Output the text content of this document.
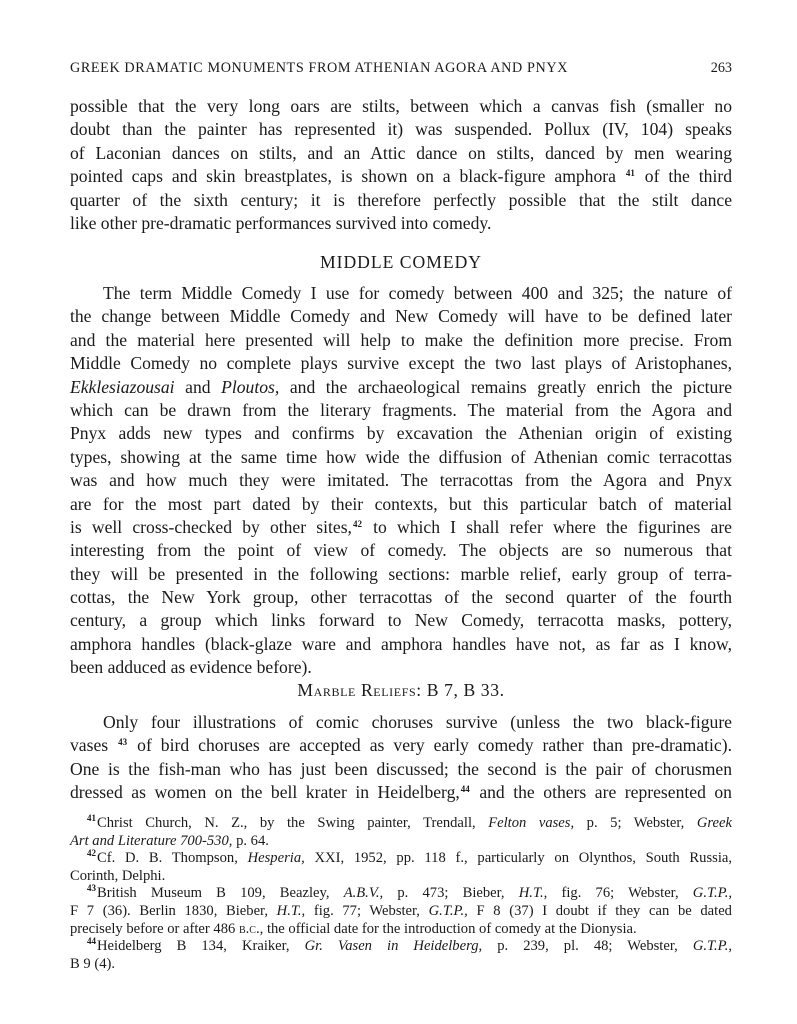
GREEK DRAMATIC MONUMENTS FROM ATHENIAN AGORA AND PNYX	263
possible that the very long oars are stilts, between which a canvas fish (smaller no
doubt than the painter has represented it) was suspended. Pollux (IV, 104) speaks
of Laconian dances on stilts, and an Attic dance on stilts, danced by men wearing
pointed caps and skin breastplates, is shown on a black-figure amphora $^{41}$ of the third
quarter of the sixth century; it is therefore perfectly possible that the stilt dance
like other pre-dramatic performances survived into comedy.
MIDDLE COMEDY
The term Middle Comedy I use for comedy between 400 and 325; the nature of
the change between Middle Comedy and New Comedy will have to be defined later
and the material here presented will help to make the definition more precise. From
Middle Comedy no complete plays survive except the two last plays of Aristophanes,
Ekklesiazousai and Ploutos, and the archaeological remains greatly enrich the picture
which can be drawn from the literary fragments. The material from the Agora and
Pnyx adds new types and confirms by excavation the Athenian origin of existing
types, showing at the same time how wide the diffusion of Athenian comic terracottas
was and how much they were imitated. The terracottas from the Agora and Pnyx
are for the most part dated by their contexts, but this particular batch of material
is well cross-checked by other sites,$^{42}$ to which I shall refer where the figurines are
interesting from the point of view of comedy. The objects are so numerous that
they will be presented in the following sections: marble relief, early group of terra-
cottas, the New York group, other terracottas of the second quarter of the fourth
century, a group which links forward to New Comedy, terracotta masks, pottery,
amphora handles (black-glaze ware and amphora handles have not, as far as I know,
been adduced as evidence before).
Marble Reliefs: B 7, B 33.
Only four illustrations of comic choruses survive (unless the two black-figure
vases $^{43}$ of bird choruses are accepted as very early comedy rather than pre-dramatic).
One is the fish-man who has just been discussed; the second is the pair of chorusmen
dressed as women on the bell krater in Heidelberg,$^{44}$ and the others are represented on
$^{41}$Christ Church, N. Z., by the Swing painter, Trendall, Felton vases, p. 5; Webster, Greek
Art and Literature 700-530, p. 64.
$^{42}$Cf. D. B. Thompson, Hesperia, XXI, 1952, pp. 118 f., particularly on Olynthos, South Russia,
Corinth, Delphi.
$^{43}$British Museum B 109, Beazley, A.B.V., p. 473; Bieber, H.T., fig. 76; Webster, G.T.P.,
F 7 (36). Berlin 1830, Bieber, H.T., fig. 77; Webster, G.T.P., F 8 (37) I doubt if they can be dated
precisely before or after 486 b.c., the official date for the introduction of comedy at the Dionysia.
$^{44}$Heidelberg B 134, Kraiker, Gr. Vasen in Heidelberg, p. 239, pl. 48; Webster, G.T.P.,
B 9 (4).
